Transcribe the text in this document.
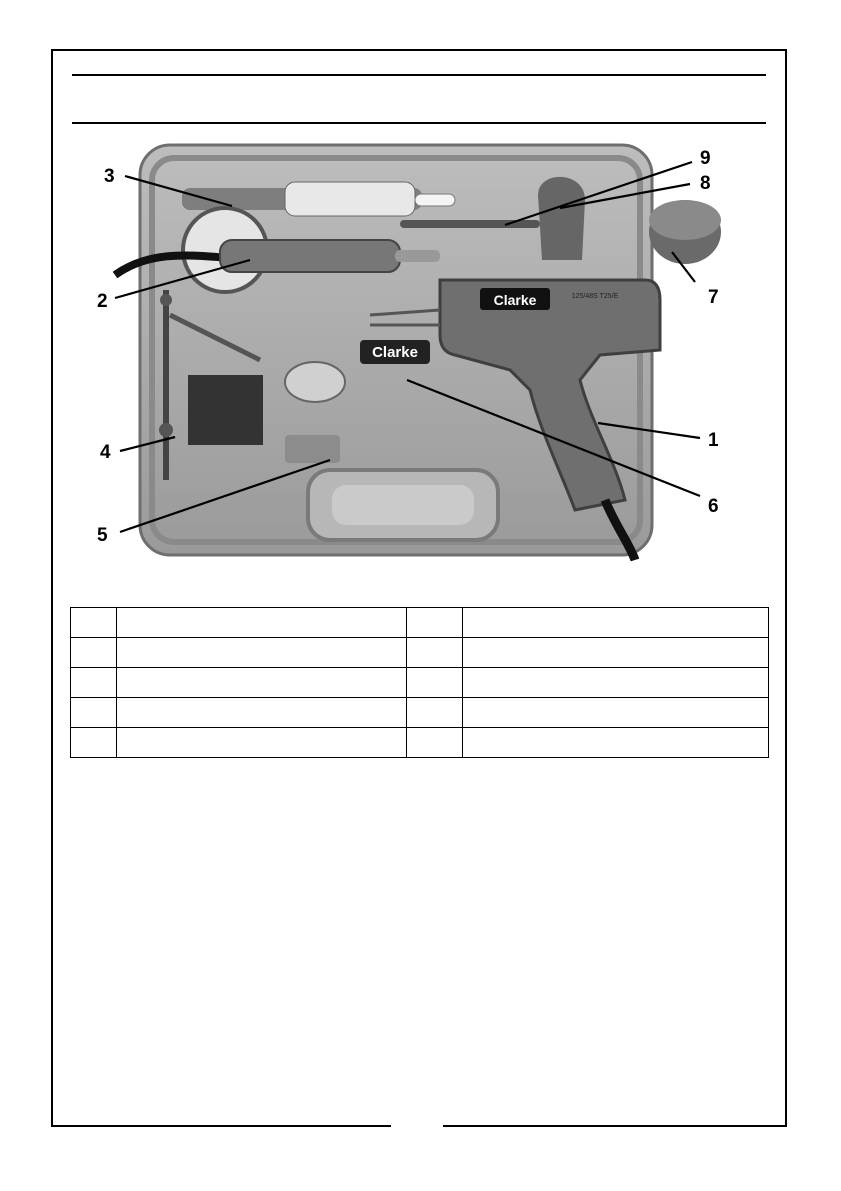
Clarke
Clarke	125/48S T25/E
3
2
4
5
1
6
7
8
9
